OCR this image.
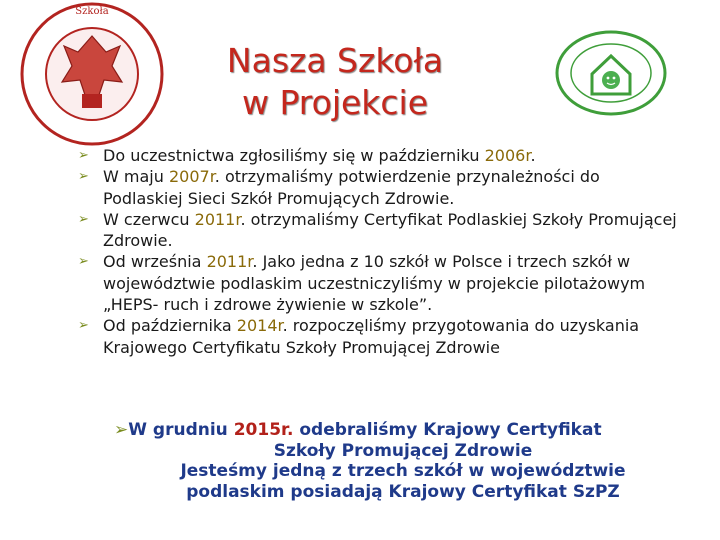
Szkoła
Nasza Szkoła
w Projekcie

➢ Do uczestnictwa zgłosiliśmy się w październiku 2006r.

➢ W maju 2007r. otrzymaliśmy potwierdzenie przynależności do Podlaskiej Sieci Szkół Promujących Zdrowie.

➢ W czerwcu 2011r. otrzymaliśmy Certyfikat Podlaskiej Szkoły Promującej Zdrowie.

➢ Od września 2011r. Jako jedna z 10 szkół w Polsce i trzech szkół w województwie podlaskim uczestniczyliśmy w projekcie pilotażowym „HEPS- ruch i zdrowe żywienie w szkole”.

➢ Od października 2014r. rozpoczęliśmy przygotowania do uzyskania Krajowego Certyfikatu Szkoły Promującej Zdrowie

➢W grudniu 2015r. odebraliśmy Krajowy Certyfikat
Szkoły Promującej Zdrowie
Jesteśmy jedną z trzech szkół w województwie
podlaskim posiadają Krajowy Certyfikat SzPZ
